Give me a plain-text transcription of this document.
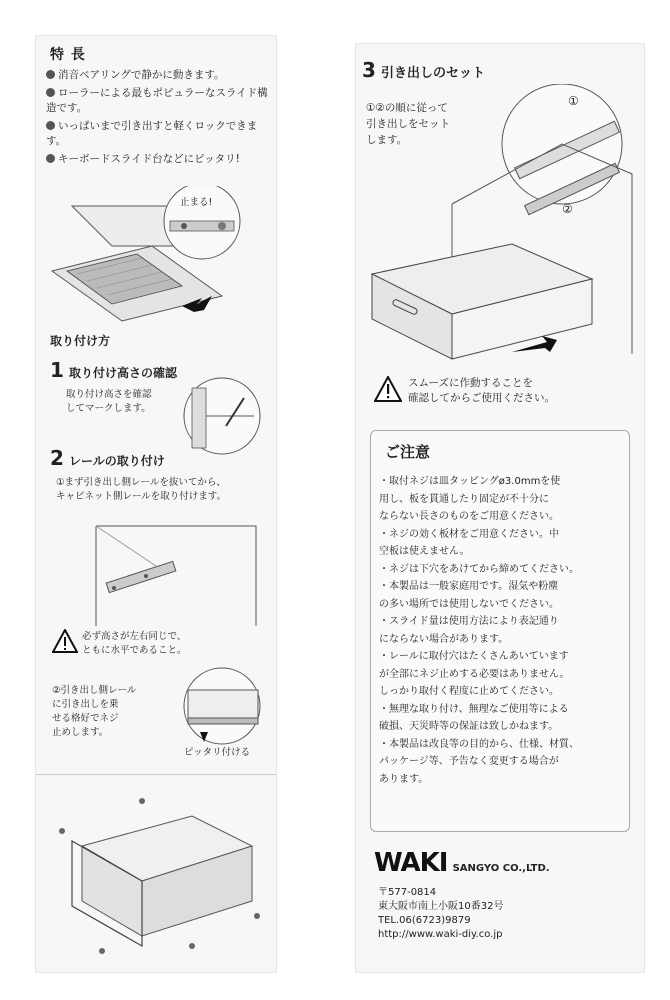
特 長
消音ベアリングで静かに動きます。
ローラーによる最もポピュラーなスライド構造です。
いっぱいまで引き出すと軽くロックできます。
キーボードスライド台などにピッタリ!
止まる!
取り付け方
1 取り付け高さの確認
取り付け高さを確認
してマークします。
2 レールの取り付け
①まず引き出し側レールを抜いてから、
キャビネット側レールを取り付けます。
必ず高さが左右同じで、
ともに水平であること。
②引き出し側レール
に引き出しを乗
せる格好でネジ
止めします。
ピッタリ付ける
3 引き出しのセット
①②の順に従って
引き出しをセット
します。
①
②
スムーズに作動することを
確認してからご使用ください。
ご注意
・取付ネジは皿タッピングø3.0mmを使
用し、板を貫通したり固定が不十分に
ならない長さのものをご用意ください。
・ネジの効く板材をご用意ください。中
空板は使えません。
・ネジは下穴をあけてから締めてください。
・本製品は一般家庭用です。湿気や粉塵
の多い場所では使用しないでください。
・スライド量は使用方法により表記通り
にならない場合があります。
・レールに取付穴はたくさんあいています
が全部にネジ止めする必要はありません。
しっかり取付く程度に止めてください。
・無理な取り付け、無理なご使用等による
破損、天災時等の保証は致しかねます。
・本製品は改良等の目的から、仕様、材質、
パッケージ等、予告なく変更する場合が
あります。
WAKI SANGYO CO.,LTD.
〒577-0814
東大阪市南上小阪10番32号
TEL.06(6723)9879
http://www.waki-diy.co.jp
